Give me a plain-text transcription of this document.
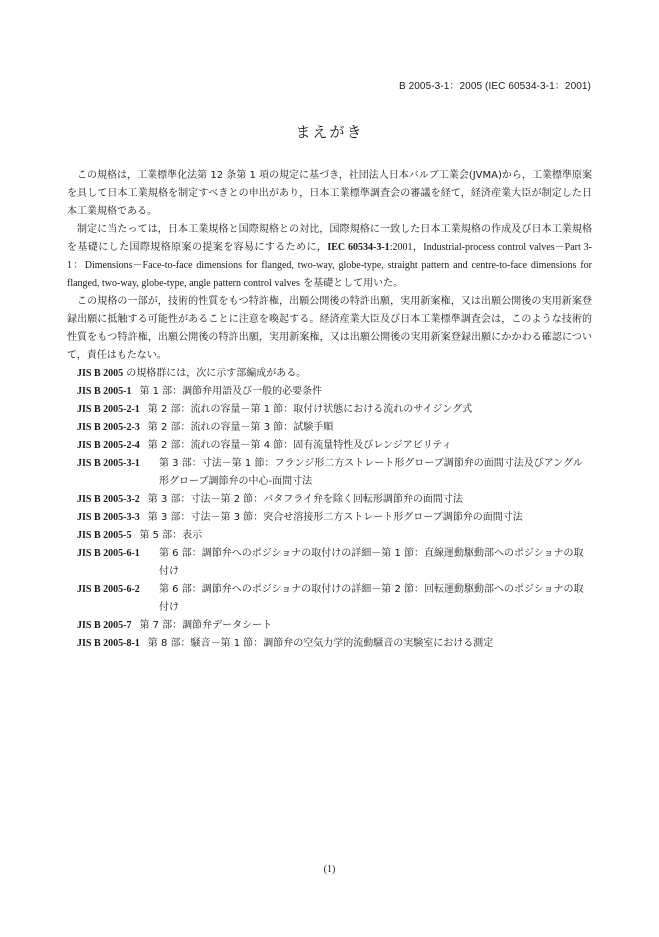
B 2005-3-1：2005 (IEC 60534-3-1：2001)
まえがき

この規格は，工業標準化法第 12 条第 1 項の規定に基づき，社団法人日本バルブ工業会(JVMA)から，工業標準原案を具して日本工業規格を制定すべきとの申出があり，日本工業標準調査会の審議を経て，経済産業大臣が制定した日本工業規格である。

制定に当たっては，日本工業規格と国際規格との対比，国際規格に一致した日本工業規格の作成及び日本工業規格を基礎にした国際規格原案の提案を容易にするために，IEC 60534-3-1:2001，Industrial-process control valves－Part 3-1：Dimensions－Face-to-face dimensions for flanged, two-way, globe-type, straight pattern and centre-to-face dimensions for flanged, two-way, globe-type, angle pattern control valves を基礎として用いた。

この規格の一部が，技術的性質をもつ特許権，出願公開後の特許出願，実用新案権，又は出願公開後の実用新案登録出願に抵触する可能性があることに注意を喚起する。経済産業大臣及び日本工業標準調査会は，このような技術的性質をもつ特許権，出願公開後の特許出願，実用新案権，又は出願公開後の実用新案登録出願にかかわる確認について，責任はもたない。

JIS B 2005 の規格群には，次に示す部編成がある。

JIS B 2005-1 第 1 部：調節弁用語及び一般的必要条件
JIS B 2005-2-1 第 2 部：流れの容量－第 1 節：取付け状態における流れのサイジング式
JIS B 2005-2-3 第 2 部：流れの容量－第 3 節：試験手順
JIS B 2005-2-4 第 2 部：流れの容量－第 4 節：固有流量特性及びレンジアビリティ
JIS B 2005-3-1	第 3 部：寸法－第 1 節：フランジ形二方ストレート形グローブ調節弁の面間寸法及びアングル形グローブ調節弁の中心-面間寸法
JIS B 2005-3-2 第 3 部：寸法－第 2 節：バタフライ弁を除く回転形調節弁の面間寸法
JIS B 2005-3-3 第 3 部：寸法－第 3 節：突合せ溶接形二方ストレート形グローブ調節弁の面間寸法
JIS B 2005-5 第 5 部：表示
JIS B 2005-6-1	第 6 部：調節弁へのポジショナの取付けの詳細－第 1 節：直線運動駆動部へのポジショナの取付け
JIS B 2005-6-2	第 6 部：調節弁へのポジショナの取付けの詳細－第 2 節：回転運動駆動部へのポジショナの取付け
JIS B 2005-7 第 7 部：調節弁データシート
JIS B 2005-8-1 第 8 部：騒音－第 1 節：調節弁の空気力学的流動騒音の実験室における測定
(1)
